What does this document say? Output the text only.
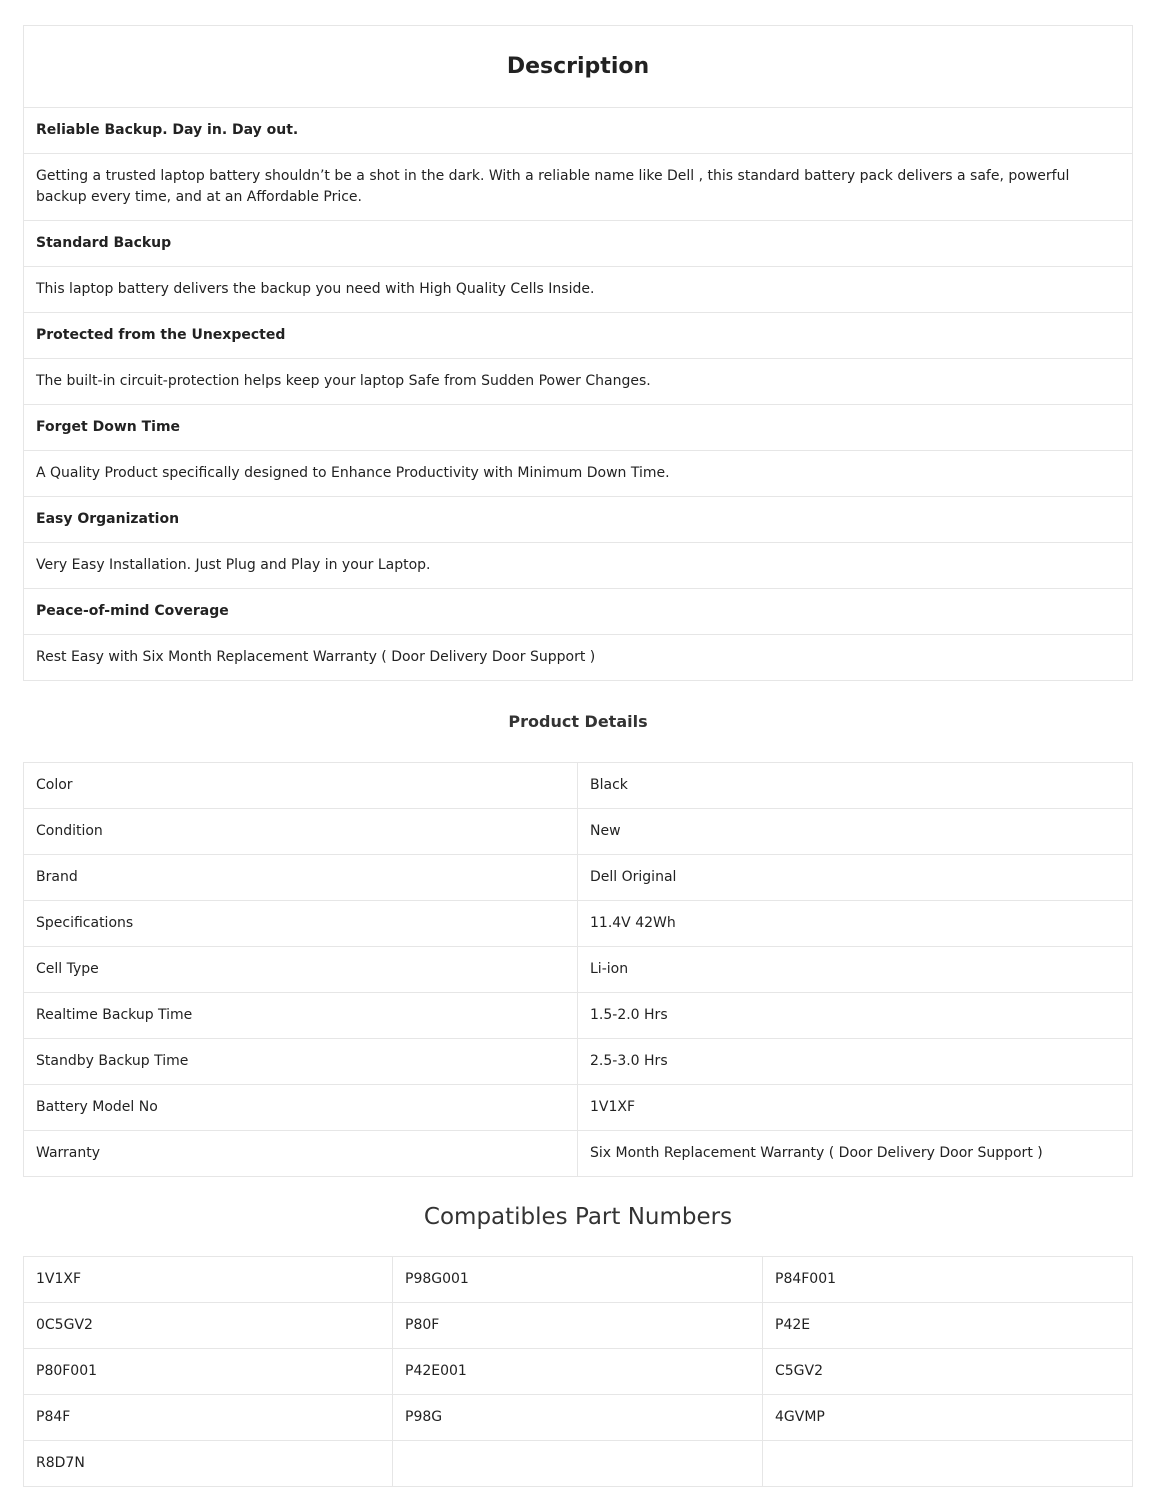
Description
Reliable Backup. Day in. Day out.
Getting a trusted laptop battery shouldn’t be a shot in the dark. With a reliable name like Dell , this standard battery pack delivers a safe, powerful backup every time, and at an Affordable Price.
Standard Backup
This laptop battery delivers the backup you need with High Quality Cells Inside.
Protected from the Unexpected
The built-in circuit-protection helps keep your laptop Safe from Sudden Power Changes.
Forget Down Time
A Quality Product specifically designed to Enhance Productivity with Minimum Down Time.
Easy Organization
Very Easy Installation. Just Plug and Play in your Laptop.
Peace-of-mind Coverage
Rest Easy with Six Month Replacement Warranty ( Door Delivery Door Support )
Product Details
Color	Black
Condition	New
Brand	Dell Original
Specifications	11.4V 42Wh
Cell Type	Li-ion
Realtime Backup Time	1.5-2.0 Hrs
Standby Backup Time	2.5-3.0 Hrs
Battery Model No	1V1XF
Warranty	Six Month Replacement Warranty ( Door Delivery Door Support )
Compatibles Part Numbers
1V1XF	P98G001	P84F001
0C5GV2	P80F	P42E
P80F001	P42E001	C5GV2
P84F	P98G	4GVMP
R8D7N		
